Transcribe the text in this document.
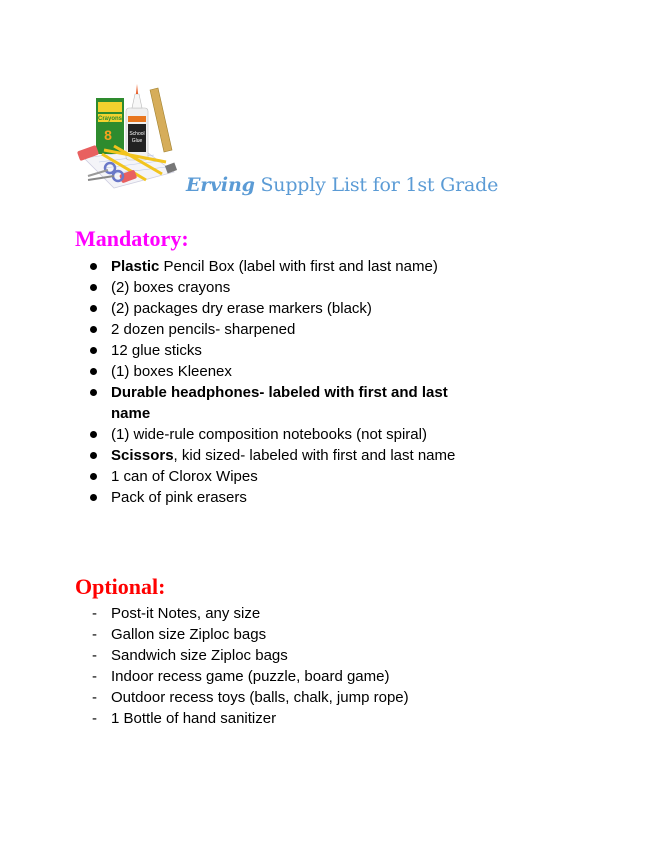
Crayons
8	School
Glue
Erving Supply List for 1st Grade
Mandatory:
Plastic Pencil Box (label with first and last name)
(2) boxes crayons
(2) packages dry erase markers (black)
2 dozen pencils- sharpened
12 glue sticks
(1) boxes Kleenex
Durable headphones- labeled with first and last name
(1) wide-rule composition notebooks (not spiral)
Scissors, kid sized- labeled with first and last name
1 can of Clorox Wipes
Pack of pink erasers
Optional:
- Post-it Notes, any size
- Gallon size Ziploc bags
- Sandwich size Ziploc bags
- Indoor recess game (puzzle, board game)
- Outdoor recess toys (balls, chalk, jump rope)
- 1 Bottle of hand sanitizer
